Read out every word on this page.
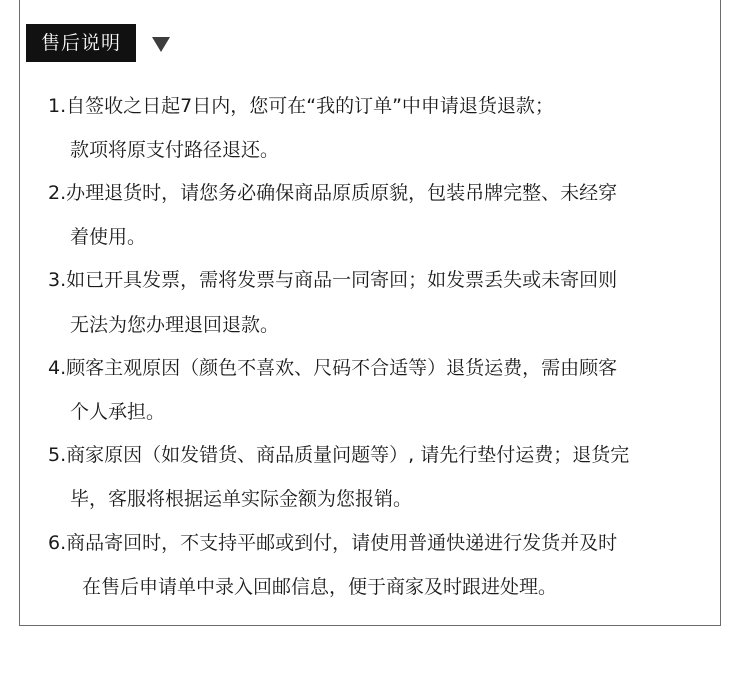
售后说明
1.自签收之日起7日内，您可在“我的订单”中申请退货退款；
款项将原支付路径退还。
2.办理退货时，请您务必确保商品原质原貌，包装吊牌完整、未经穿
着使用。
3.如已开具发票，需将发票与商品一同寄回；如发票丢失或未寄回则
无法为您办理退回退款。
4.顾客主观原因（颜色不喜欢、尺码不合适等）退货运费，需由顾客
个人承担。
5.商家原因（如发错货、商品质量问题等）, 请先行垫付运费；退货完
毕，客服将根据运单实际金额为您报销。
6.商品寄回时，不支持平邮或到付，请使用普通快递进行发货并及时
在售后申请单中录入回邮信息，便于商家及时跟进处理。
